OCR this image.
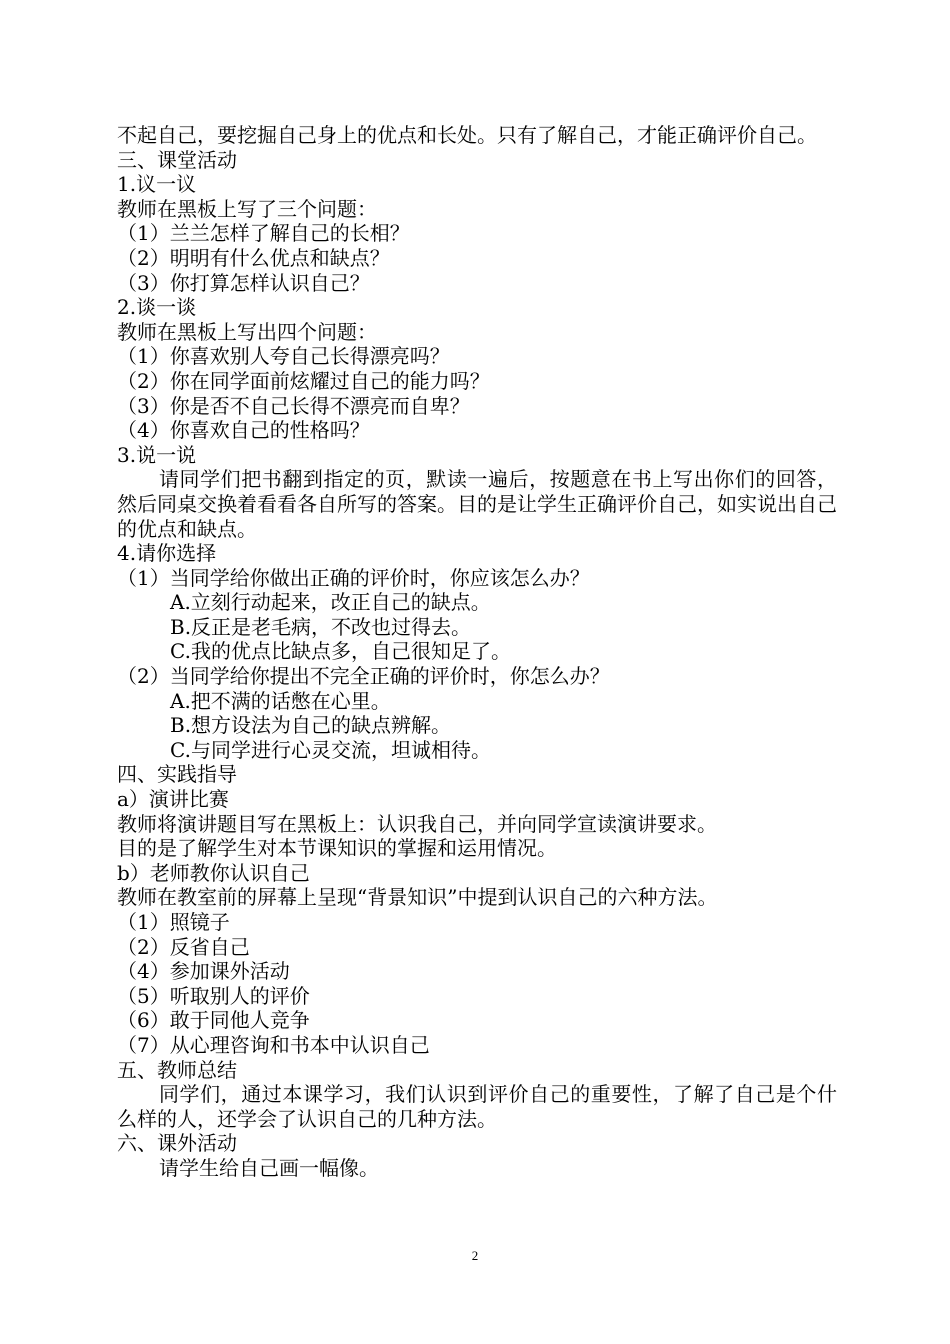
不起自己，要挖掘自己身上的优点和长处。只有了解自己，才能正确评价自己。
三、课堂活动
1.议一议
教师在黑板上写了三个问题：
（1）兰兰怎样了解自己的长相？
（2）明明有什么优点和缺点？
（3）你打算怎样认识自己？
2.谈一谈
教师在黑板上写出四个问题：
（1）你喜欢别人夸自己长得漂亮吗？
（2）你在同学面前炫耀过自己的能力吗？
（3）你是否不自己长得不漂亮而自卑？
（4）你喜欢自己的性格吗？
3.说一说
请同学们把书翻到指定的页，默读一遍后，按题意在书上写出你们的回答，然后同桌交换着看看各自所写的答案。目的是让学生正确评价自己，如实说出自己的优点和缺点。
4.请你选择
（1）当同学给你做出正确的评价时，你应该怎么办？
A.立刻行动起来，改正自己的缺点。
B.反正是老毛病，不改也过得去。
C.我的优点比缺点多，自己很知足了。
（2）当同学给你提出不完全正确的评价时，你怎么办？
A.把不满的话憋在心里。
B.想方设法为自己的缺点辨解。
C.与同学进行心灵交流，坦诚相待。
四、实践指导
a）演讲比赛
教师将演讲题目写在黑板上：认识我自己，并向同学宣读演讲要求。
目的是了解学生对本节课知识的掌握和运用情况。
b）老师教你认识自己
教师在教室前的屏幕上呈现“背景知识”中提到认识自己的六种方法。
（1）照镜子
（2）反省自己
（4）参加课外活动
（5）听取别人的评价
（6）敢于同他人竞争
（7）从心理咨询和书本中认识自己
五、教师总结
同学们，通过本课学习，我们认识到评价自己的重要性，了解了自己是个什么样的人，还学会了认识自己的几种方法。
六、课外活动
请学生给自己画一幅像。
2
